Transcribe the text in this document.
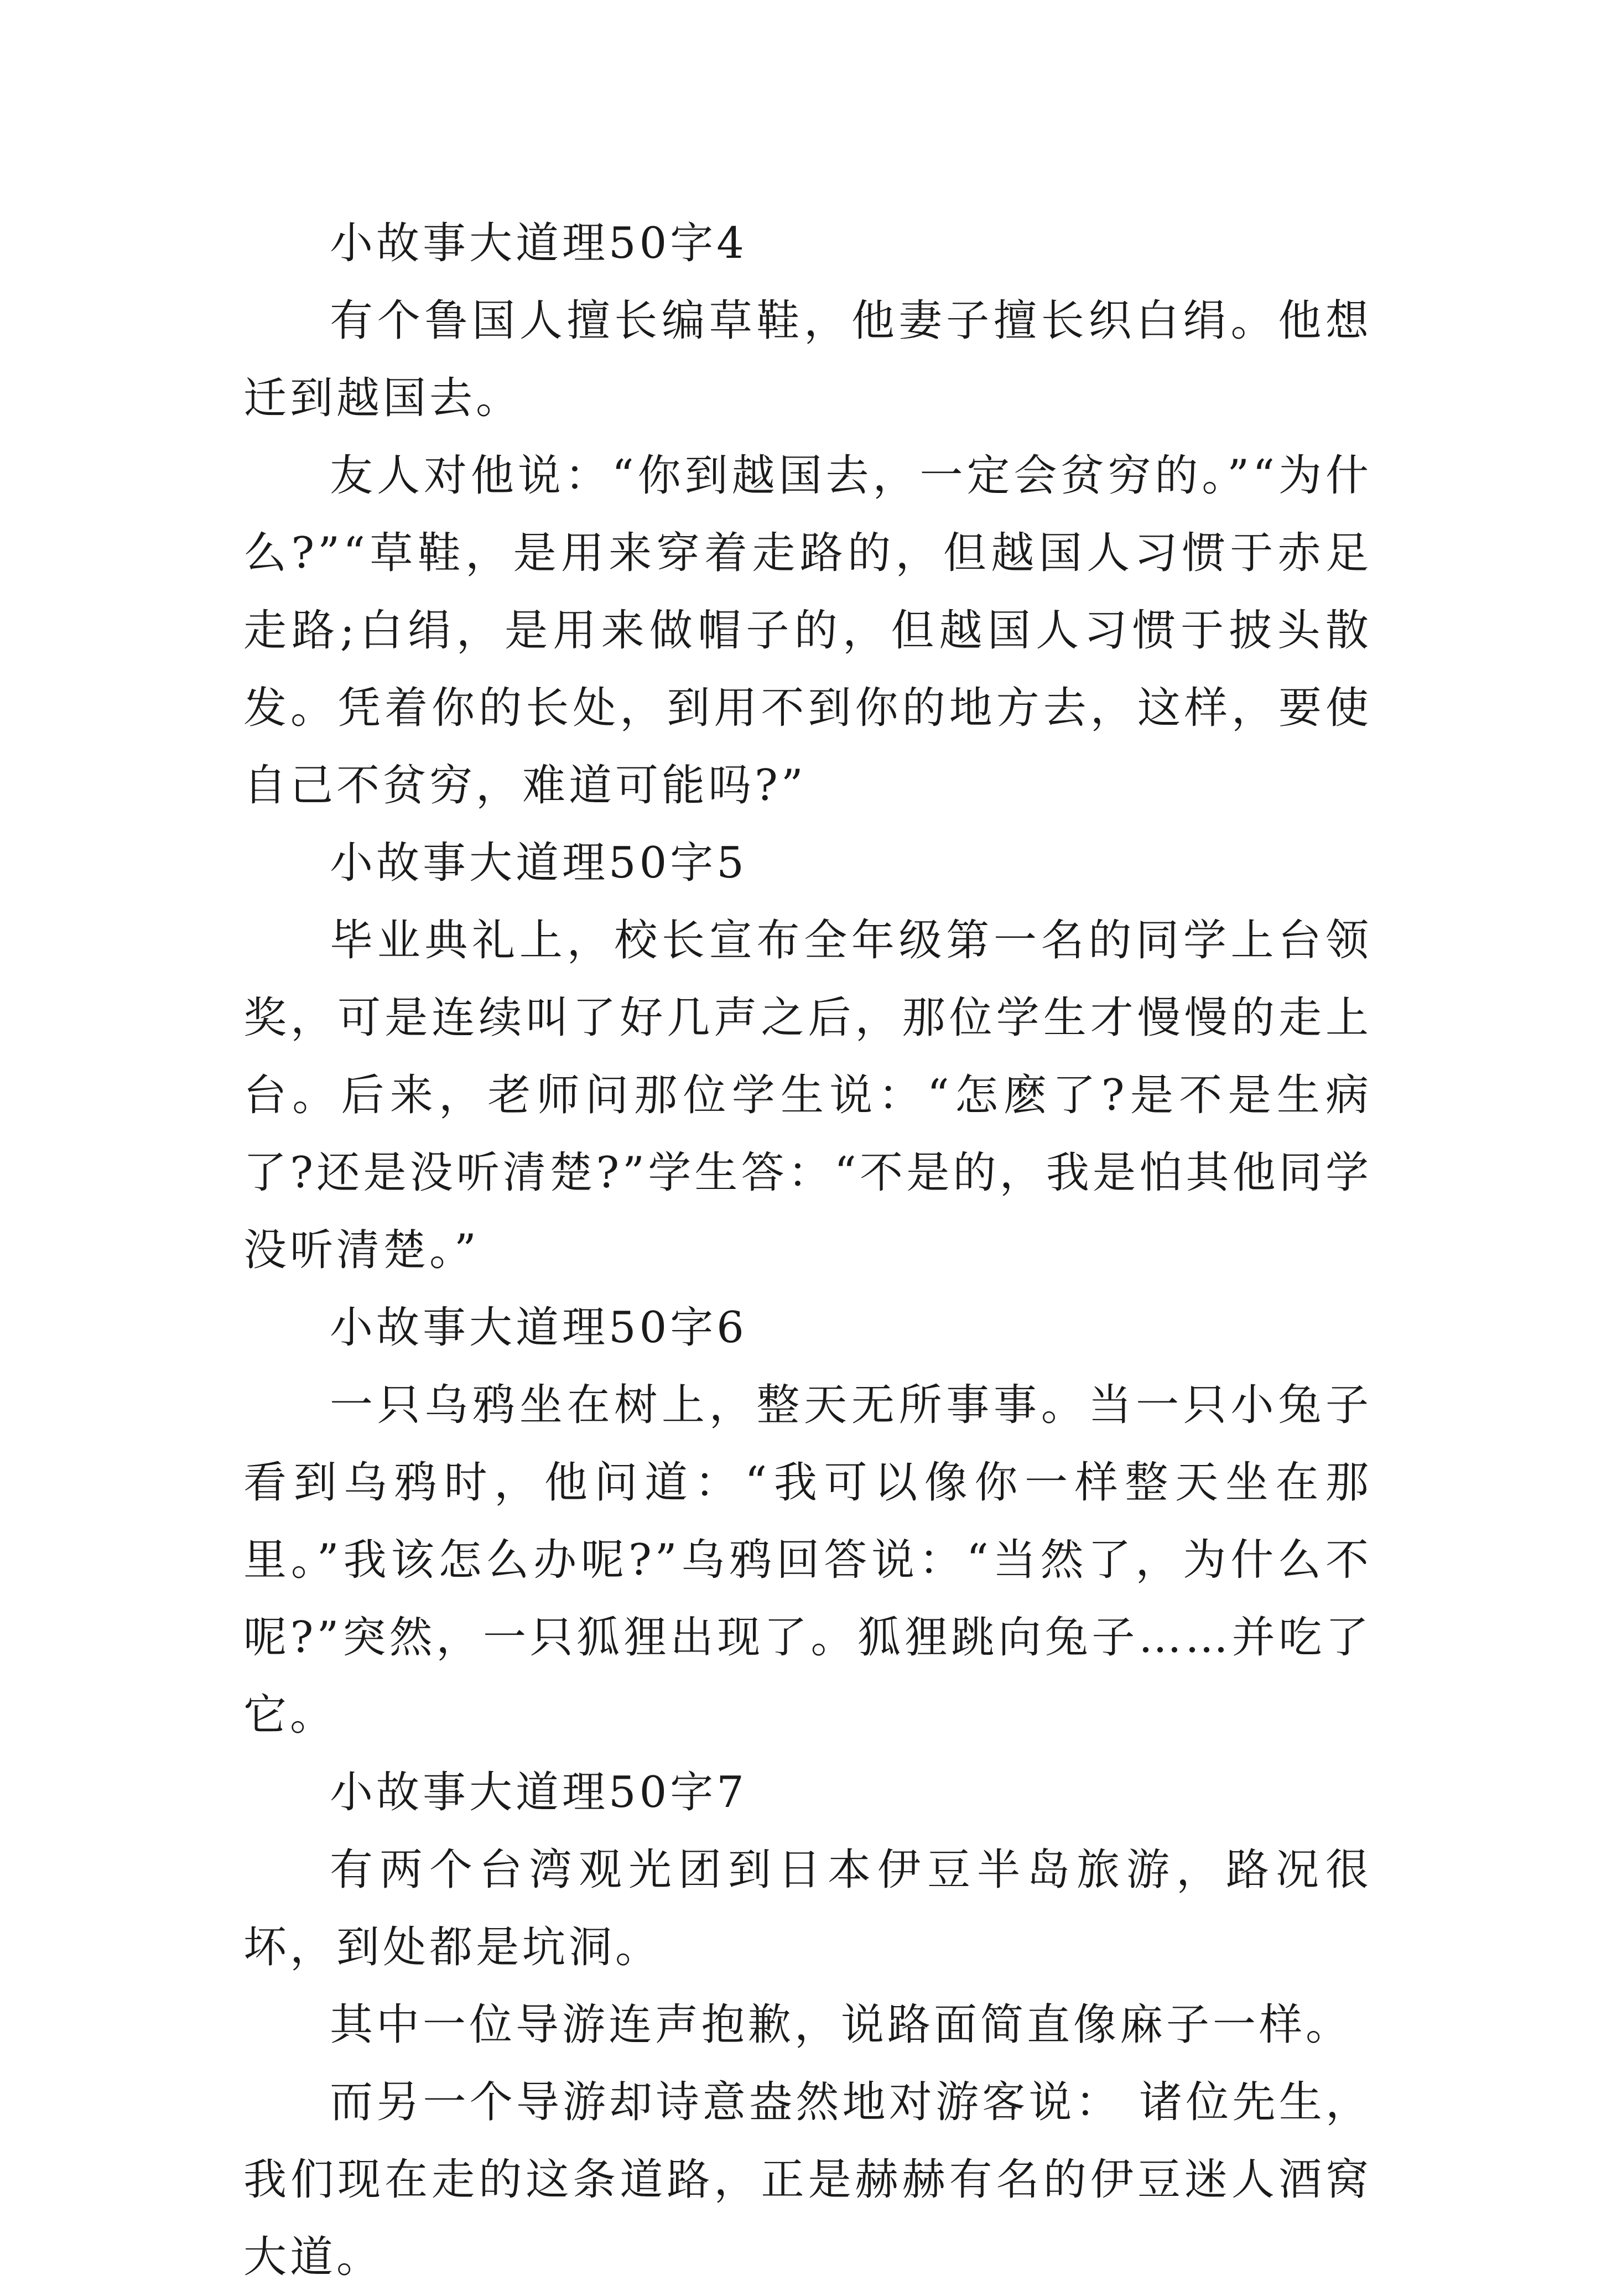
小故事大道理50字4

有个鲁国人擅长编草鞋，他妻子擅长织白绢。他想迁到越国去。

友人对他说：“你到越国去，一定会贫穷的。”“为什么?”“草鞋，是用来穿着走路的，但越国人习惯于赤足走路;白绢，是用来做帽子的，但越国人习惯于披头散发。凭着你的长处，到用不到你的地方去，这样，要使自己不贫穷，难道可能吗?”

小故事大道理50字5

毕业典礼上，校长宣布全年级第一名的同学上台领奖，可是连续叫了好几声之后，那位学生才慢慢的走上台。后来，老师问那位学生说：“怎麽了?是不是生病了?还是没听清楚?”学生答：“不是的，我是怕其他同学没听清楚。”

小故事大道理50字6

一只乌鸦坐在树上，整天无所事事。当一只小兔子看到乌鸦时，他问道：“我可以像你一样整天坐在那里。”我该怎么办呢?”乌鸦回答说：“当然了，为什么不呢?”突然，一只狐狸出现了。狐狸跳向兔子……并吃了它。

小故事大道理50字7

有两个台湾观光团到日本伊豆半岛旅游，路况很坏，到处都是坑洞。

其中一位导游连声抱歉，说路面简直像麻子一样。

而另一个导游却诗意盎然地对游客说： 诸位先生，我们现在走的这条道路，正是赫赫有名的伊豆迷人酒窝大道。
